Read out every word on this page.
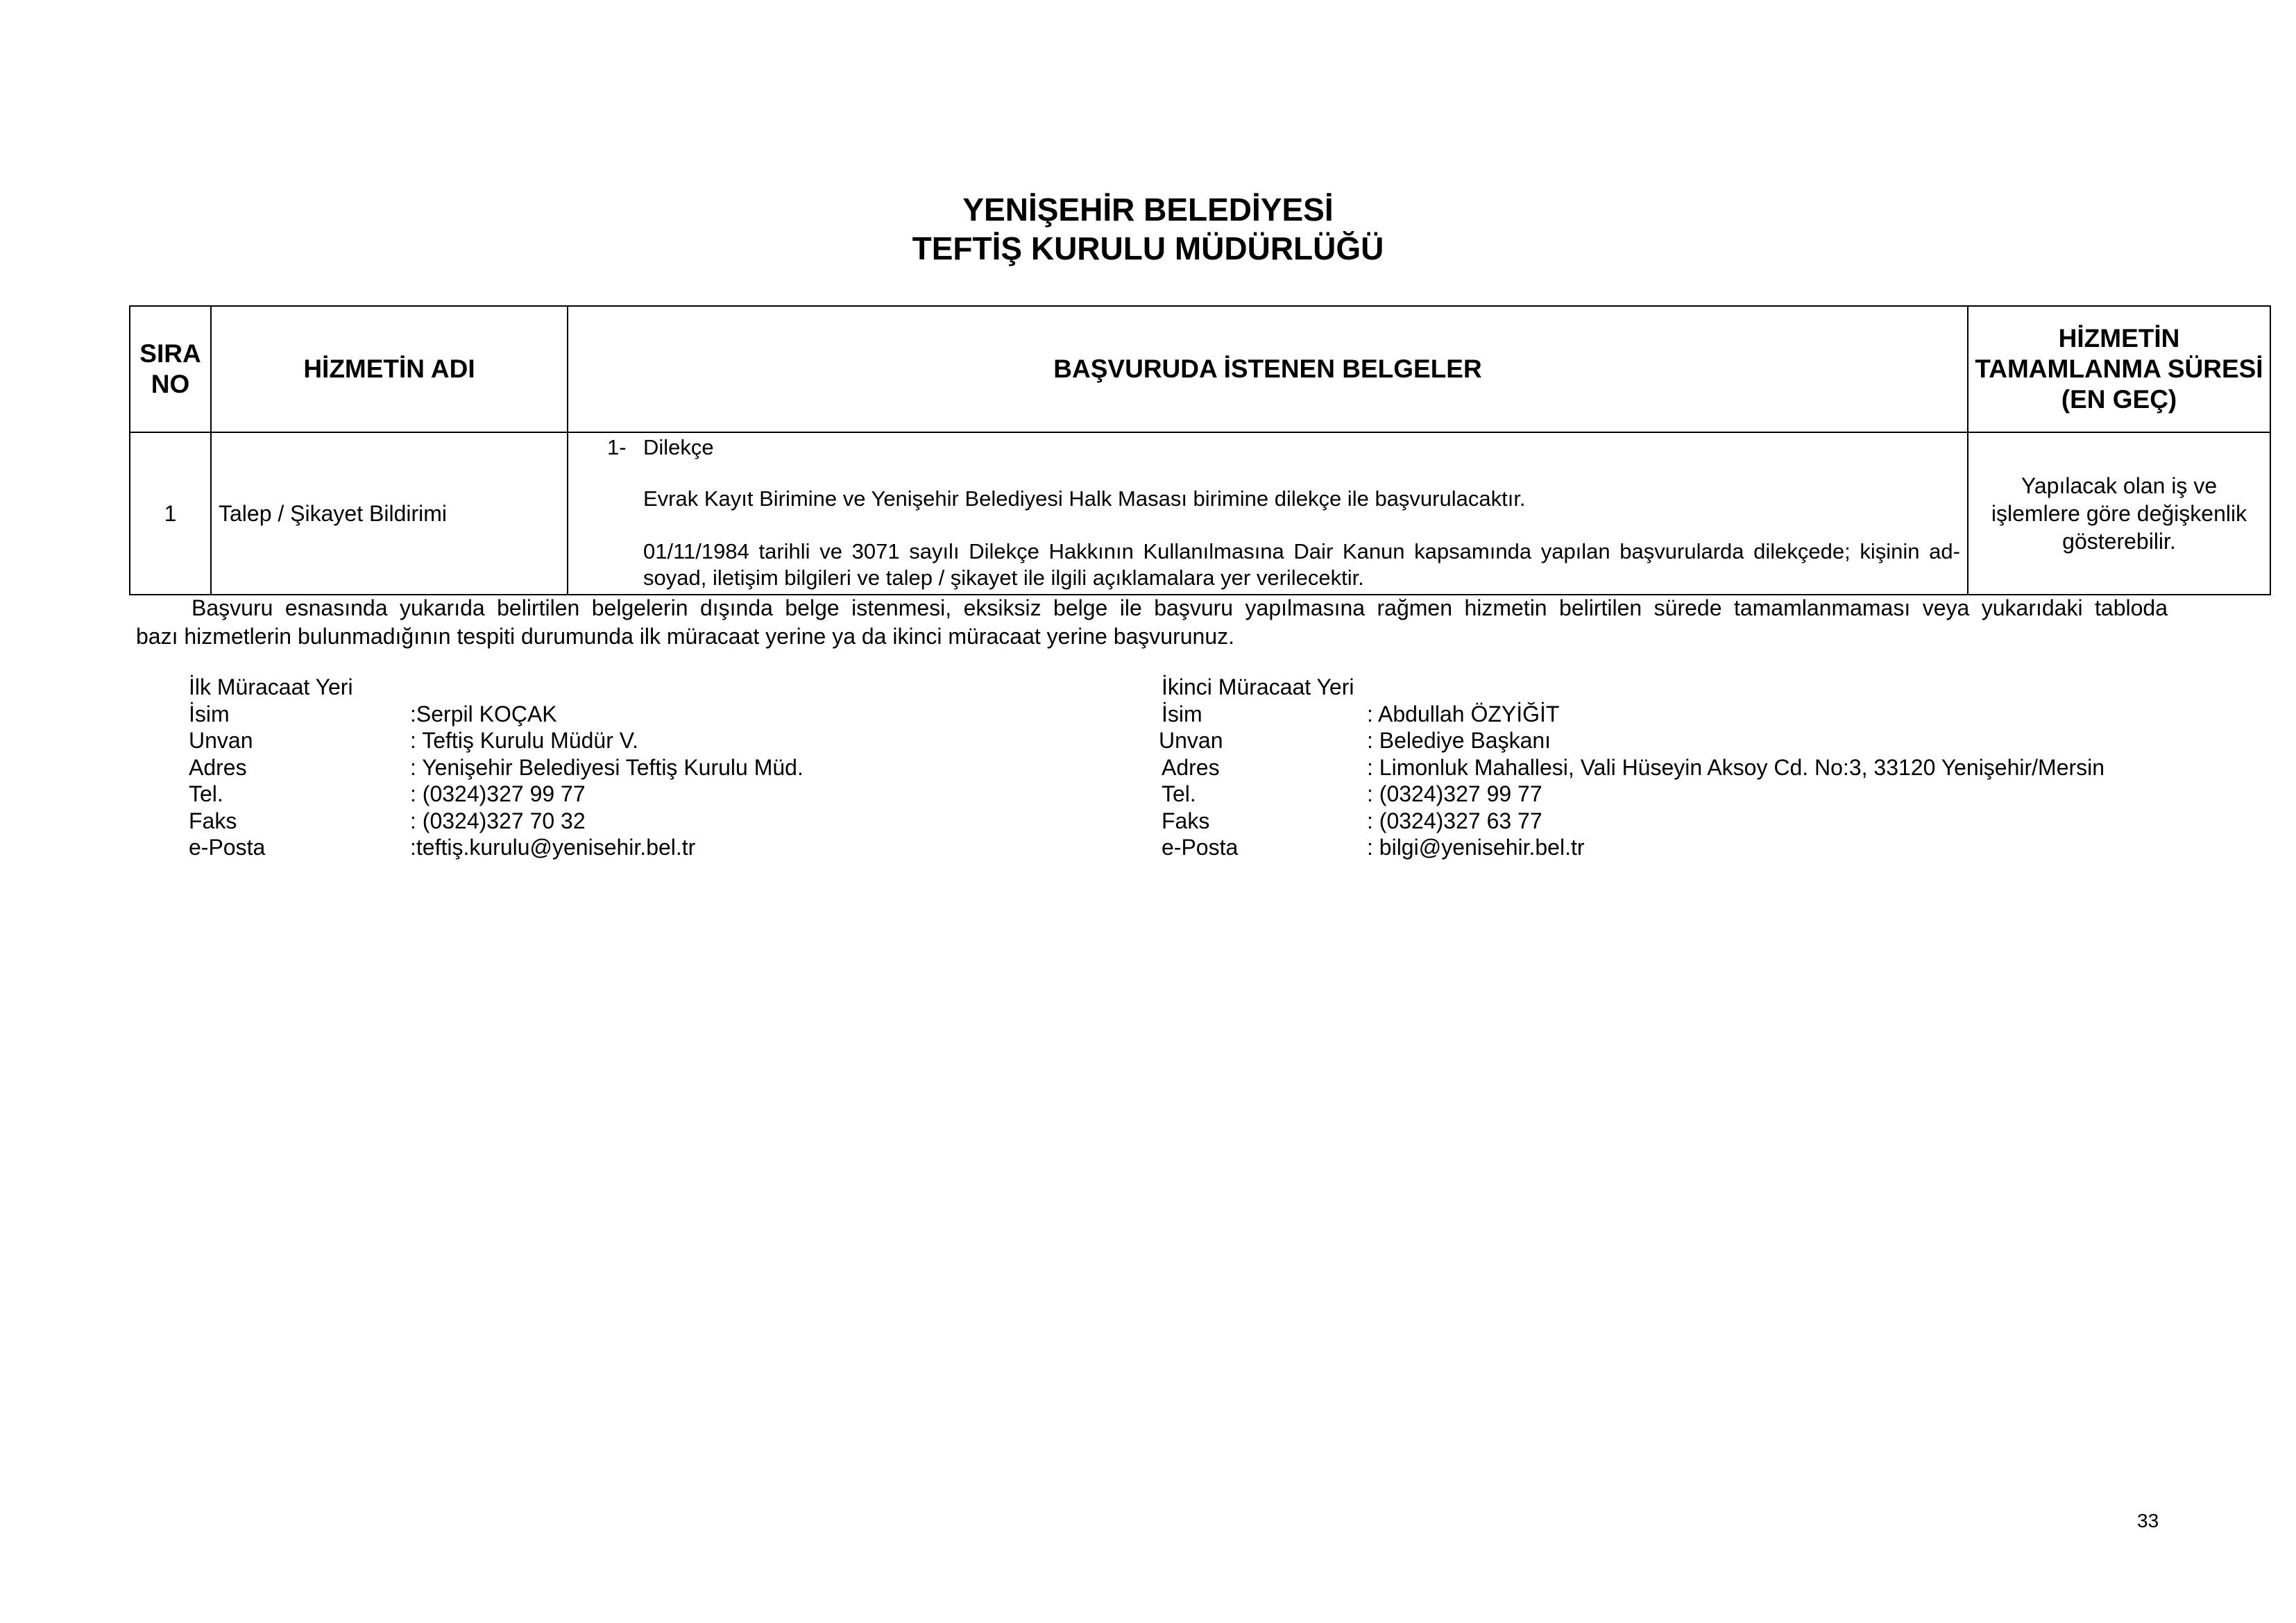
YENİŞEHİR BELEDİYESİ
TEFTİŞ KURULU MÜDÜRLÜĞÜ
SIRA NO	HİZMETİN ADI	BAŞVURUDA İSTENEN BELGELER	HİZMETİN TAMAMLANMA SÜRESİ (EN GEÇ)
1	Talep / Şikayet Bildirimi	1- Dilekçe
Evrak Kayıt Birimine ve Yenişehir Belediyesi Halk Masası birimine dilekçe ile başvurulacaktır.
01/11/1984 tarihli ve 3071 sayılı Dilekçe Hakkının Kullanılmasına Dair Kanun kapsamında yapılan başvurularda dilekçede; kişinin ad-soyad, iletişim bilgileri ve talep / şikayet ile ilgili açıklamalara yer verilecektir.	Yapılacak olan iş ve işlemlere göre değişkenlik gösterebilir.
Başvuru esnasında yukarıda belirtilen belgelerin dışında belge istenmesi, eksiksiz belge ile başvuru yapılmasına rağmen hizmetin belirtilen sürede tamamlanmaması veya yukarıdaki tabloda
bazı hizmetlerin bulunmadığının tespiti durumunda ilk müracaat yerine ya da ikinci müracaat yerine başvurunuz.
İlk Müracaat Yeri
İsim	:Serpil KOÇAK
Unvan	: Teftiş Kurulu Müdür V.
Adres	: Yenişehir Belediyesi Teftiş Kurulu Müd.
Tel.	: (0324)327 99 77
Faks	: (0324)327 70 32
e-Posta	:teftiş.kurulu@yenisehir.bel.tr
İkinci Müracaat Yeri
İsim	: Abdullah ÖZYİĞİT
Unvan	: Belediye Başkanı
Adres	: Limonluk Mahallesi, Vali Hüseyin Aksoy Cd. No:3, 33120 Yenişehir/Mersin
Tel.	: (0324)327 99 77
Faks	: (0324)327 63 77
e-Posta	: bilgi@yenisehir.bel.tr
33
